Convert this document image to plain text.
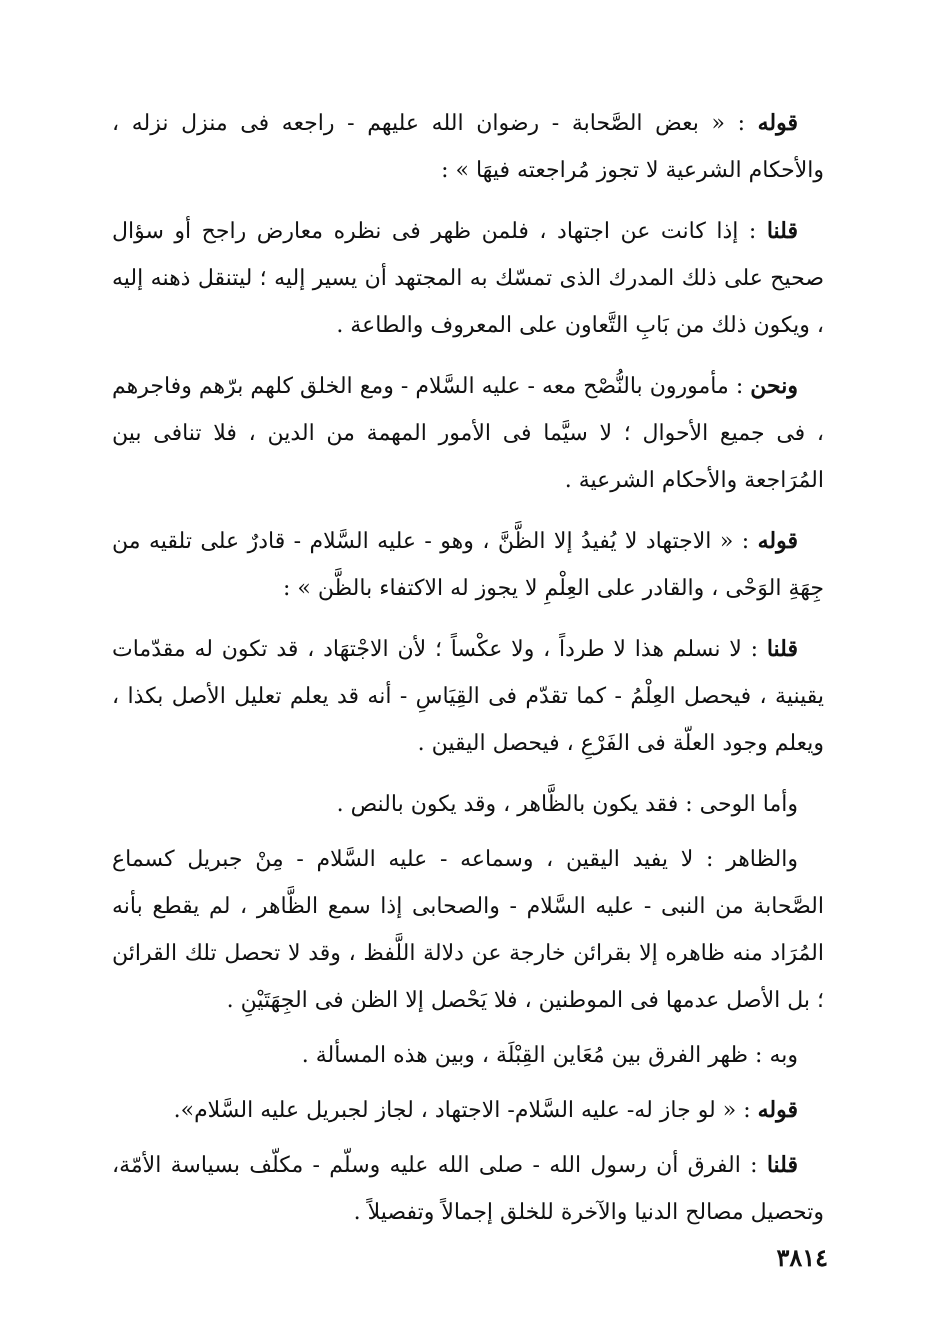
قوله : « بعض الصَّحابة - رضوان الله عليهم - راجعه فى منزل نزله ، والأحكام الشرعية لا تجوز مُراجعته فيهَا » :

قلنا : إذا كانت عن اجتهاد ، فلمن ظهر فى نظره معارض راجح أو سؤال صحيح على ذلك المدرك الذى تمسّك به المجتهد أن يسير إليه ؛ ليتنقل ذهنه إليه ، ويكون ذلك من بَابِ التَّعاون على المعروف والطاعة .

ونحن : مأمورون بالنُّصْح معه - عليه السَّلام - ومع الخلق كلهم برّهم وفاجرهم ، فى جميع الأحوال ؛ لا سيَّما فى الأمور المهمة من الدين ، فلا تنافى بين المُرَاجعة والأحكام الشرعية .

قوله : « الاجتهاد لا يُفيدُ إلا الظَّنَّ ، وهو - عليه السَّلام - قادرٌ على تلقيه من جِهَةِ الوَحْى ، والقادر على العِلْمِ لا يجوز له الاكتفاء بالظَّن » :

قلنا : لا نسلم هذا لا طرداً ، ولا عكْساً ؛ لأن الاجْتهَاد ، قد تكون له مقدّمات يقينية ، فيحصل العِلْمُ - كما تقدّم فى القِيَاسِ - أنه قد يعلم تعليل الأصل بكذا ، ويعلم وجود العلّة فى الفَرْعِ ، فيحصل اليقين .

وأما الوحى : فقد يكون بالظَّاهر ، وقد يكون بالنص .

والظاهر : لا يفيد اليقين ، وسماعه - عليه السَّلام - مِنْ جبريل كسماع الصَّحابة من النبى - عليه السَّلام - والصحابى إذا سمع الظَّاهر ، لم يقطع بأنه المُرَاد منه ظاهره إلا بقرائن خارجة عن دلالة اللَّفظ ، وقد لا تحصل تلك القرائن ؛ بل الأصل عدمها فى الموطنين ، فلا يَحْصل إلا الظن فى الجِهَتَيْنِ .

وبه : ظهر الفرق بين مُعَاين القِبْلَة ، وبين هذه المسألة .

قوله : « لو جاز له- عليه السَّلام- الاجتهاد ، لجاز لجبريل عليه السَّلام».

قلنا : الفرق أن رسول الله - صلى الله عليه وسلّم - مكلّف بسياسة الأمّة، وتحصيل مصالح الدنيا والآخرة للخلق إجمالاً وتفصيلاً .

٣٨١٤
